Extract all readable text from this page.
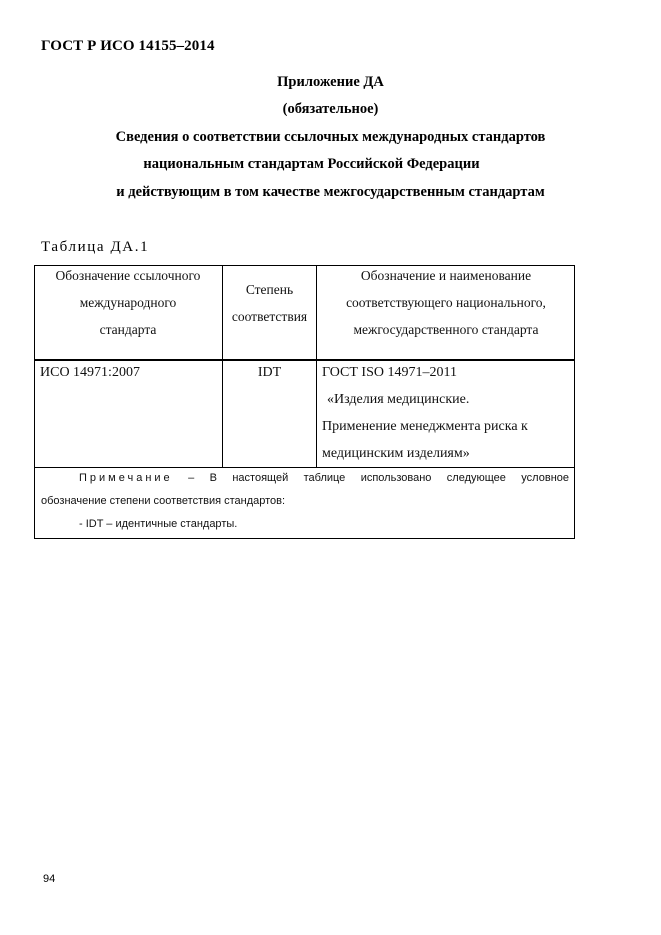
ГОСТ Р ИСО 14155–2014
Приложение ДА
(обязательное)
Сведения о соответствии ссылочных международных стандартов
национальным стандартам Российской Федерации
и действующим в том качестве межгосударственным стандартам
Таблица ДА.1
Обозначение ссылочного
международного
стандарта
Степень
соответствия
Обозначение и наименование
соответствующего национального,
межгосударственного стандарта
ИСО 14971:2007	IDT	ГОСТ ISO 14971–2011
«Изделия медицинские.
Применение менеджмента риска к
медицинским изделиям»
Примечание – В настоящей таблице использовано следующее условное
обозначение степени соответствия стандартов:
- IDT – идентичные стандарты.
94
